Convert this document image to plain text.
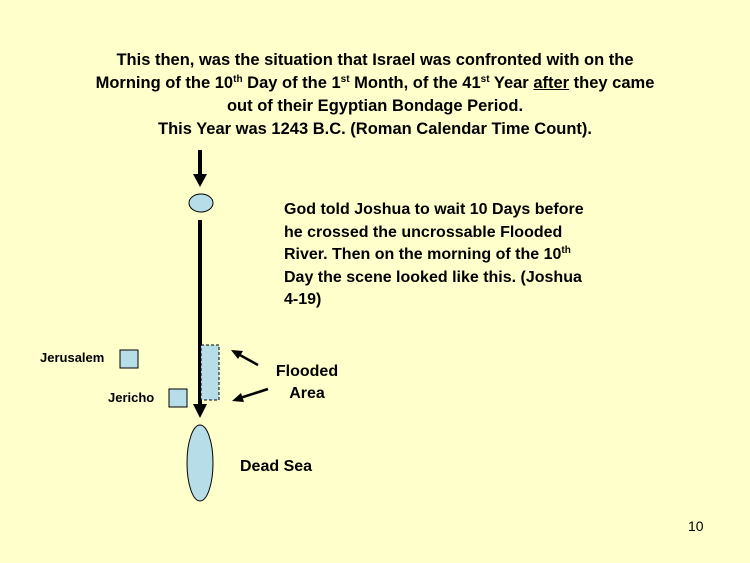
This then, was the situation that Israel was confronted with on the
Morning of the 10th Day of the 1st Month, of the 41st Year after they came
out of their Egyptian Bondage Period.
This Year was 1243 B.C. (Roman Calendar Time Count).
God told Joshua to wait 10 Days before
he crossed the uncrossable Flooded
River. Then on the morning of the 10th
Day the scene looked like this. (Joshua
4-19)
Jerusalem
Jericho
Flooded
Area
Dead Sea
10
